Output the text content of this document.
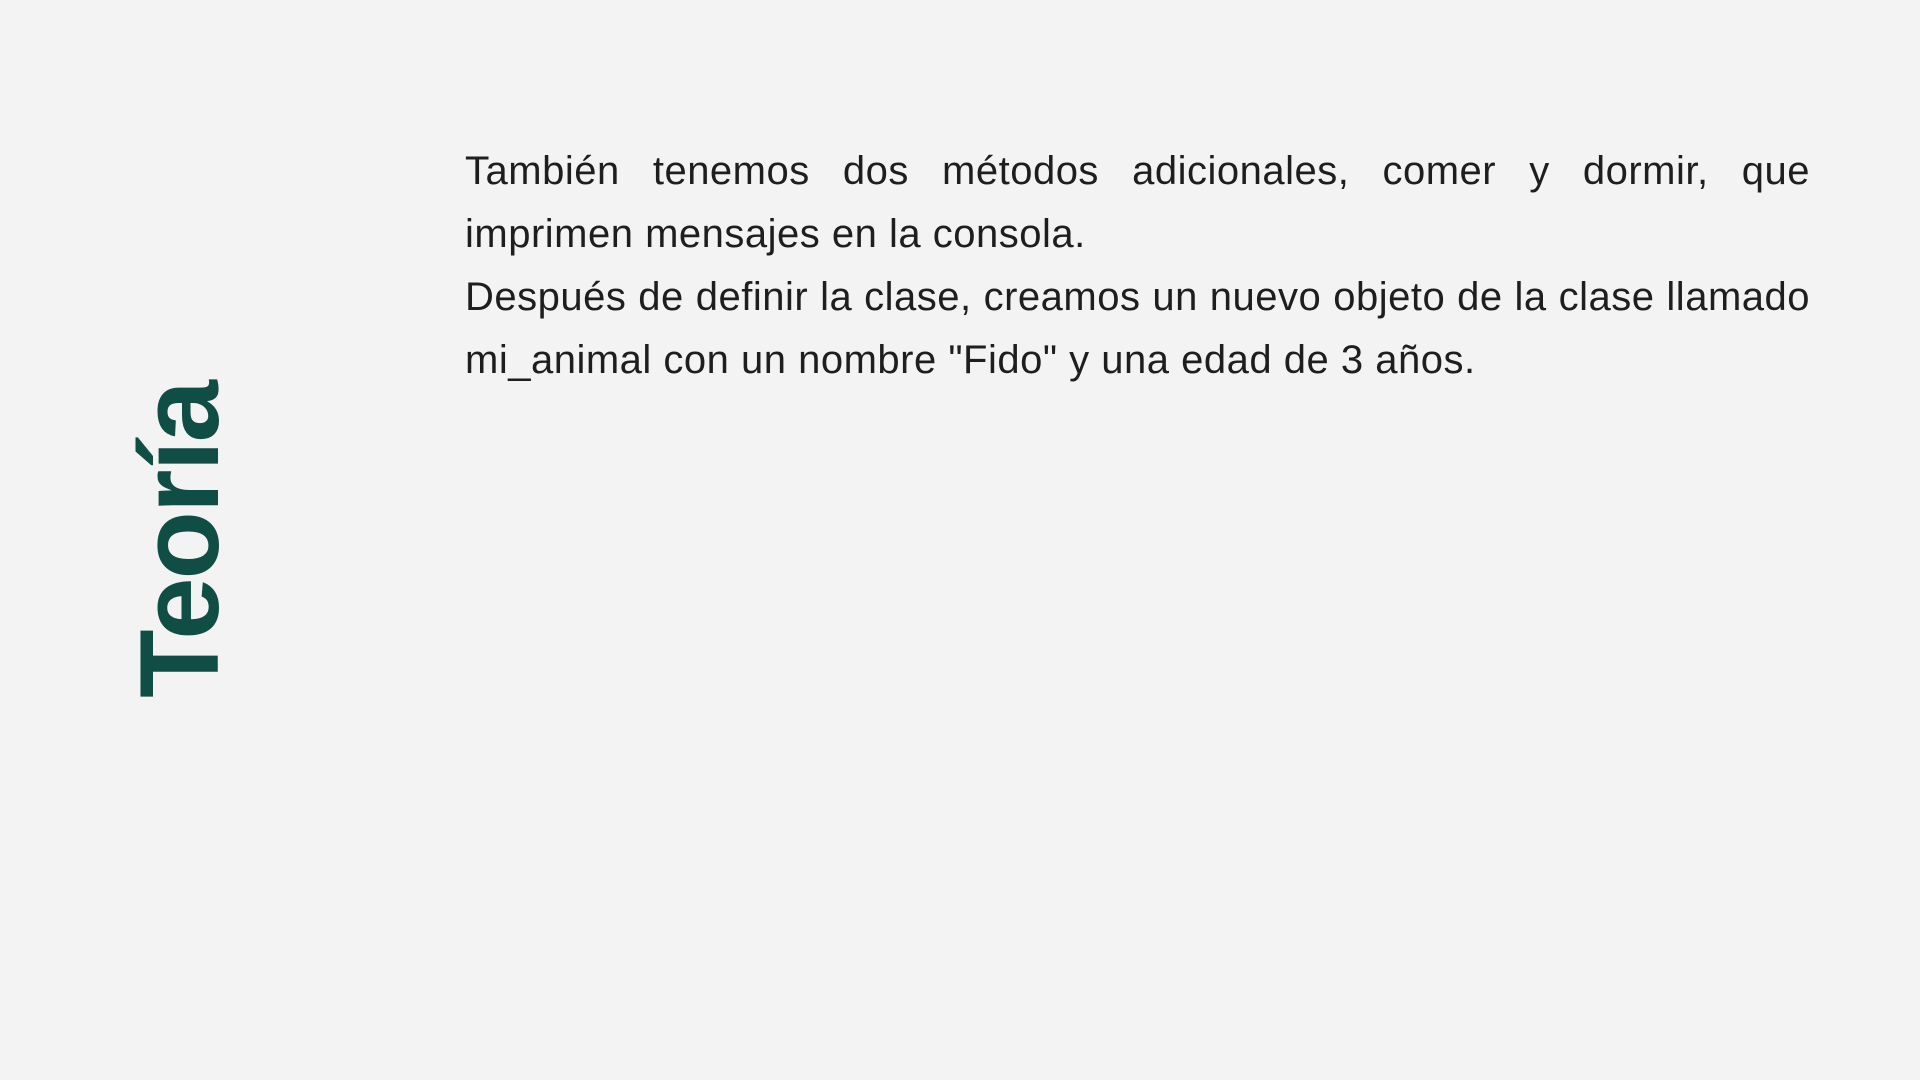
Teoría

También tenemos dos métodos adicionales, comer y dormir, que imprimen mensajes en la consola.

Después de definir la clase, creamos un nuevo objeto de la clase llamado mi_animal con un nombre "Fido" y una edad de 3 años.
